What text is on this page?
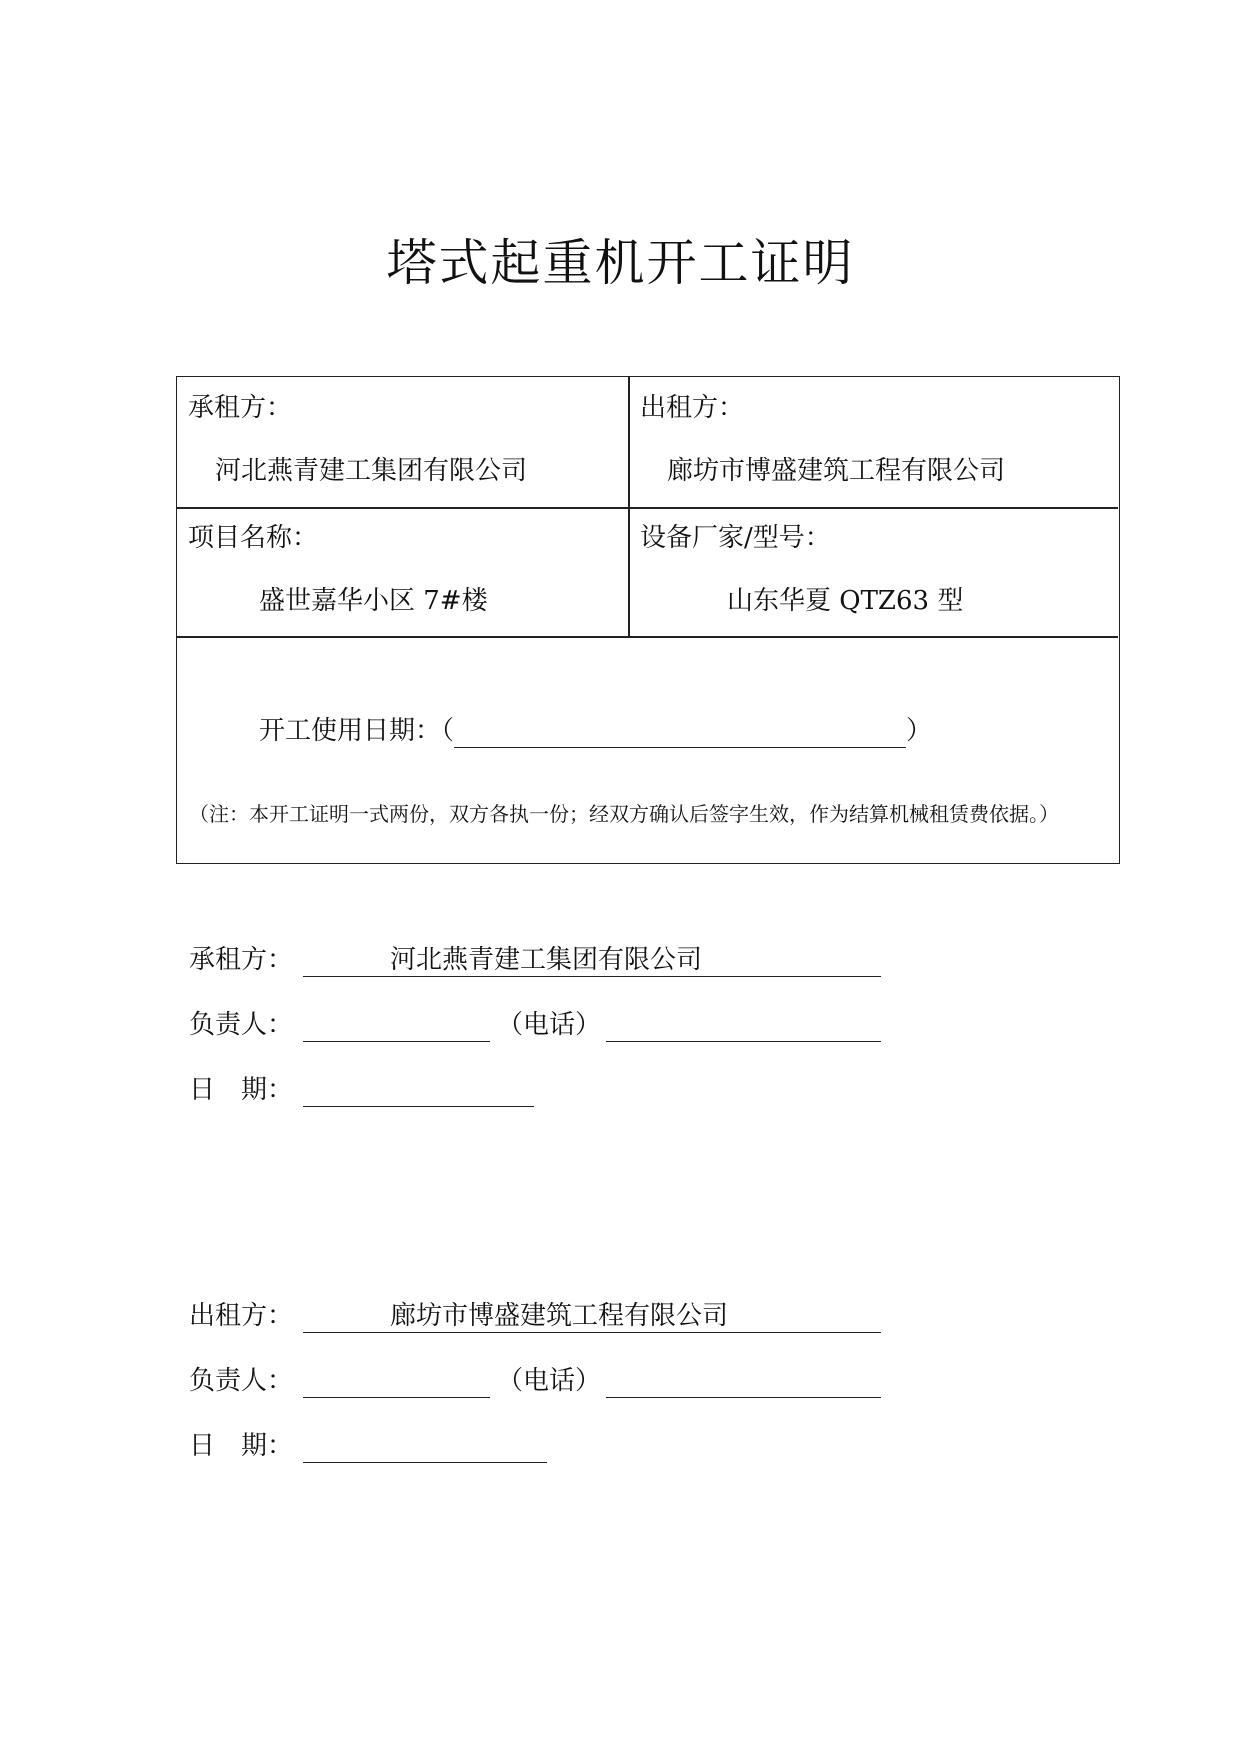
塔式起重机开工证明
承租方：
河北燕青建工集团有限公司
出租方：
廊坊市博盛建筑工程有限公司
项目名称：
盛世嘉华小区 7#楼
设备厂家/型号：
山东华夏 QTZ63 型
开工使用日期：（	）
（注：本开工证明一式两份，双方各执一份；经双方确认后签字生效，作为结算机械租赁费依据。）
承租方：	河北燕青建工集团有限公司
负责人：	（电话）
日　期：
出租方：	廊坊市博盛建筑工程有限公司
负责人：	（电话）
日　期：
